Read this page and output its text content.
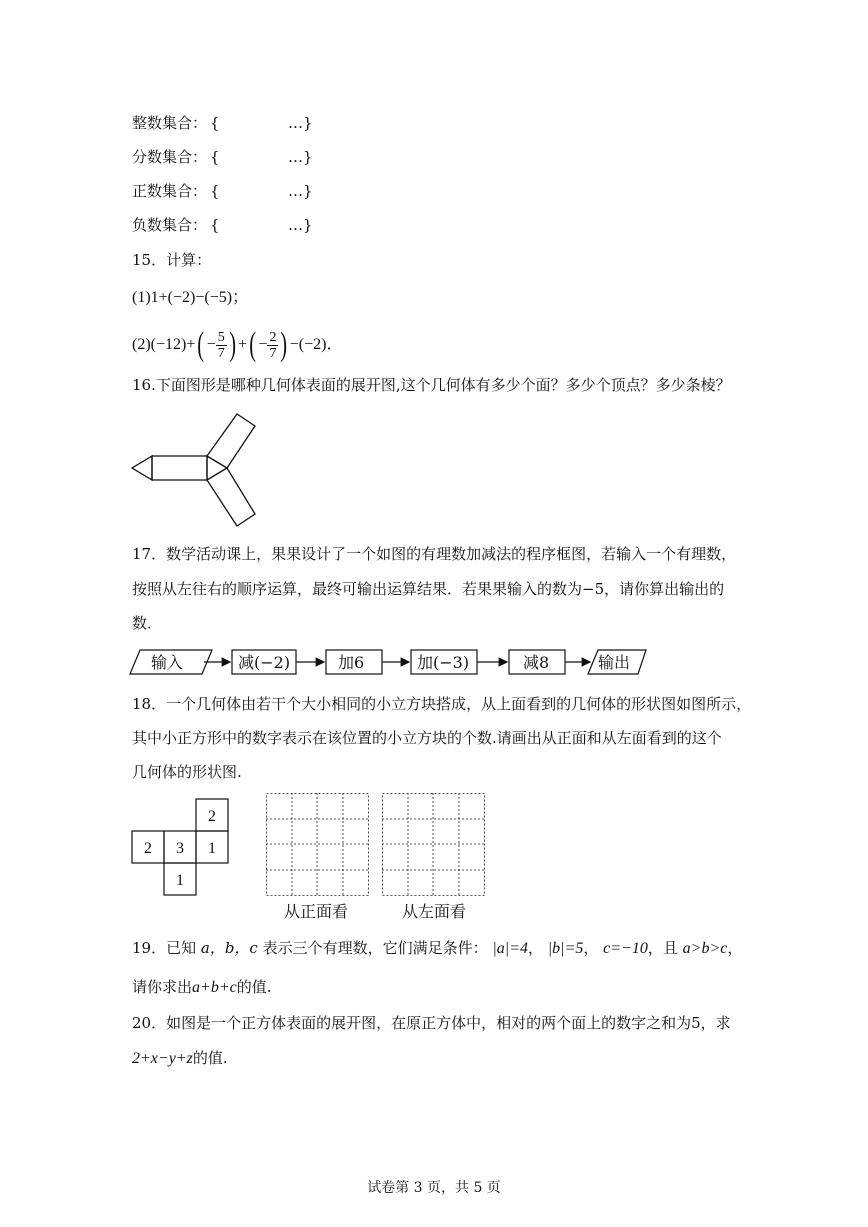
整数集合： {	…}
分数集合： {	…}
正数集合： {	…}
负数集合： {	…}
15．计算：
(1)1+(−2)−(−5)；
$(2)(-12)+( - \frac{5}{7}$ ) +( − $\frac{2}{7}$ ) −(−2)．
16.下面图形是哪种几何体表面的展开图,这个几何体有多少个面？多少个顶点？多少条棱？
17．数学活动课上，果果设计了一个如图的有理数加减法的程序框图，若输入一个有理数，
按照从左往右的顺序运算，最终可输出运算结果．若果果输入的数为−5，请你算出输出的
数．
输入	减(−2)	加6	加(−3)	减8	输出
18．一个几何体由若干个大小相同的小立方块搭成，从上面看到的几何体的形状图如图所示，
其中小正方形中的数字表示在该位置的小立方块的个数.请画出从正面和从左面看到的这个
几何体的形状图.
2
2 3 1
1
从正面看	从左面看
19．已知 a，b，c 表示三个有理数，它们满足条件： |a|=4， |b|=5， c=−10，且 a>b>c，
请你求出a+b+c的值.
20．如图是一个正方体表面的展开图，在原正方体中，相对的两个面上的数字之和为5，求
2+x−y+z的值.
试卷第 3 页，共 5 页
